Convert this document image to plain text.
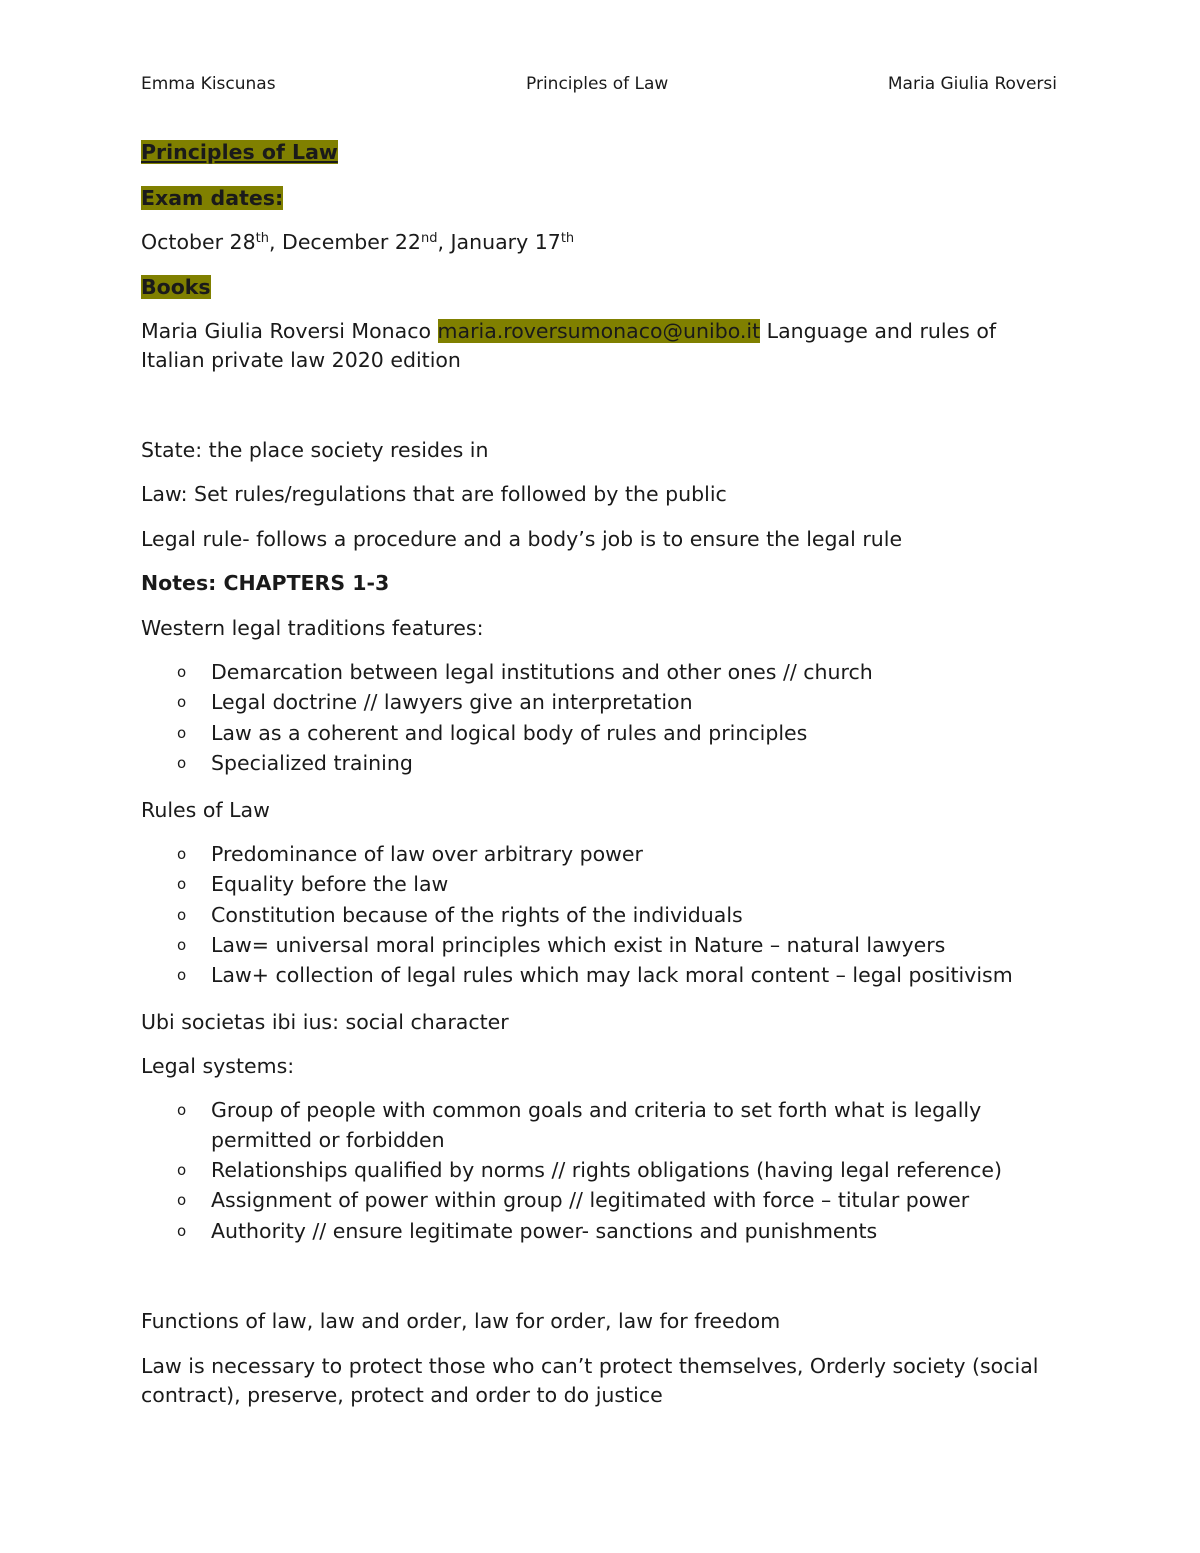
Emma Kiscunas	Principles of Law	Maria Giulia Roversi

Principles of Law

Exam dates:

October 28th, December 22nd, January 17th

Books

Maria Giulia Roversi Monaco maria.roversumonaco@unibo.it Language and rules of Italian private law 2020 edition

State: the place society resides in

Law: Set rules/regulations that are followed by the public

Legal rule- follows a procedure and a body’s job is to ensure the legal rule

Notes: CHAPTERS 1-3

Western legal traditions features:

o Demarcation between legal institutions and other ones // church
o Legal doctrine // lawyers give an interpretation
o Law as a coherent and logical body of rules and principles
o Specialized training

Rules of Law

o Predominance of law over arbitrary power
o Equality before the law
o Constitution because of the rights of the individuals
o Law= universal moral principles which exist in Nature – natural lawyers
o Law+ collection of legal rules which may lack moral content – legal positivism

Ubi societas ibi ius: social character

Legal systems:

o Group of people with common goals and criteria to set forth what is legally permitted or forbidden
o Relationships qualified by norms // rights obligations (having legal reference)
o Assignment of power within group // legitimated with force – titular power
o Authority // ensure legitimate power- sanctions and punishments

Functions of law, law and order, law for order, law for freedom

Law is necessary to protect those who can’t protect themselves, Orderly society (social contract), preserve, protect and order to do justice
